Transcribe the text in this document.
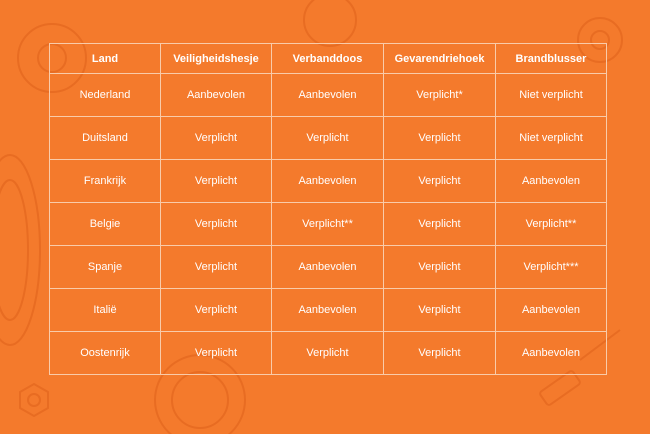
Land	Veiligheidshesje	Verbanddoos	Gevarendriehoek	Brandblusser
Nederland	Aanbevolen	Aanbevolen	Verplicht*	Niet verplicht
Duitsland	Verplicht	Verplicht	Verplicht	Niet verplicht
Frankrijk	Verplicht	Aanbevolen	Verplicht	Aanbevolen
Belgie	Verplicht	Verplicht**	Verplicht	Verplicht**
Spanje	Verplicht	Aanbevolen	Verplicht	Verplicht***
Italië	Verplicht	Aanbevolen	Verplicht	Aanbevolen
Oostenrijk	Verplicht	Verplicht	Verplicht	Aanbevolen
